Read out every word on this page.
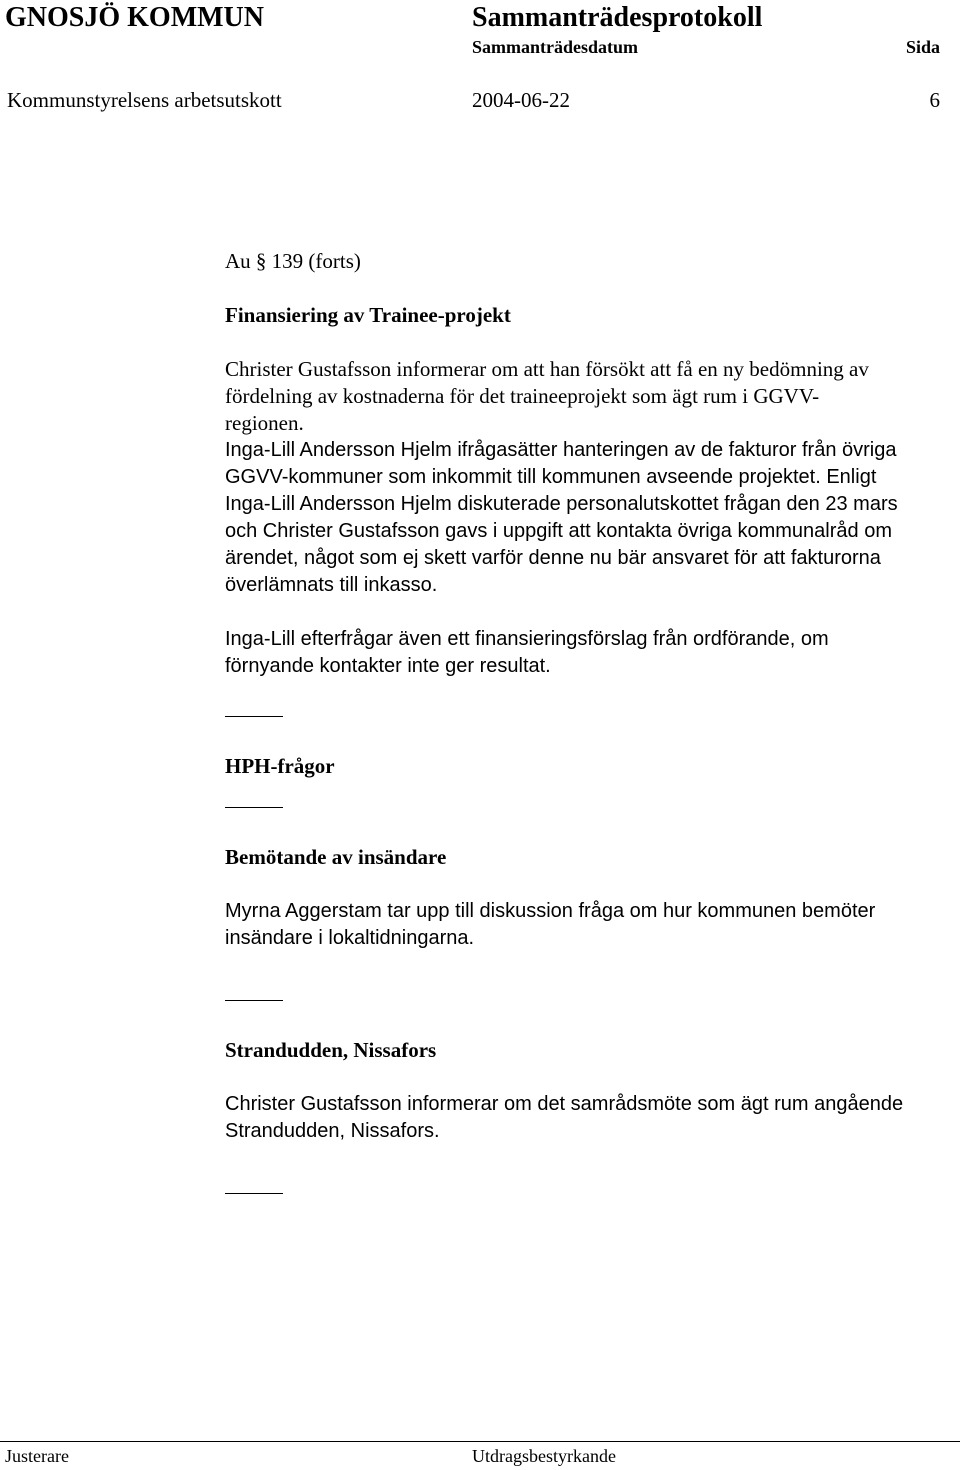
GNOSJÖ KOMMUN	Sammanträdesprotokoll
Sammanträdesdatum	Sida
Kommunstyrelsens arbetsutskott	2004-06-22	6

Au § 139 (forts)

Finansiering av Trainee-projekt

Christer Gustafsson informerar om att han försökt att få en ny bedömning av

fördelning av kostnaderna för det traineeprojekt som ägt rum i GGVV-

regionen.

Inga-Lill Andersson Hjelm ifrågasätter hanteringen av de fakturor från övriga

GGVV-kommuner som inkommit till kommunen avseende projektet. Enligt

Inga-Lill Andersson Hjelm diskuterade personalutskottet frågan den 23 mars

och Christer Gustafsson gavs i uppgift att kontakta övriga kommunalråd om

ärendet, något som ej skett varför denne nu bär ansvaret för att fakturorna

överlämnats till inkasso.

Inga-Lill efterfrågar även ett finansieringsförslag från ordförande, om

förnyande kontakter inte ger resultat.

HPH-frågor

Bemötande av insändare

Myrna Aggerstam tar upp till diskussion fråga om hur kommunen bemöter

insändare i lokaltidningarna.

Strandudden, Nissafors

Christer Gustafsson informerar om det samrådsmöte som ägt rum angående

Strandudden, Nissafors.

Justerare	Utdragsbestyrkande
